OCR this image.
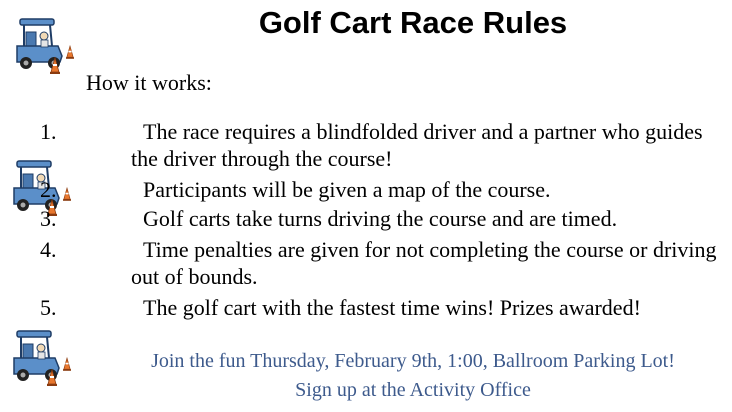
Golf Cart Race Rules
How it works:
1.	The race requires a blindfolded driver and a partner who guides the driver through the course!
2.	Participants will be given a map of the course.
3.	Golf carts take turns driving the course and are timed.
4.	Time penalties are given for not completing the course or driving out of bounds.
5.	The golf cart with the fastest time wins! Prizes awarded!
Join the fun Thursday, February 9th, 1:00, Ballroom Parking Lot!
Sign up at the Activity Office
